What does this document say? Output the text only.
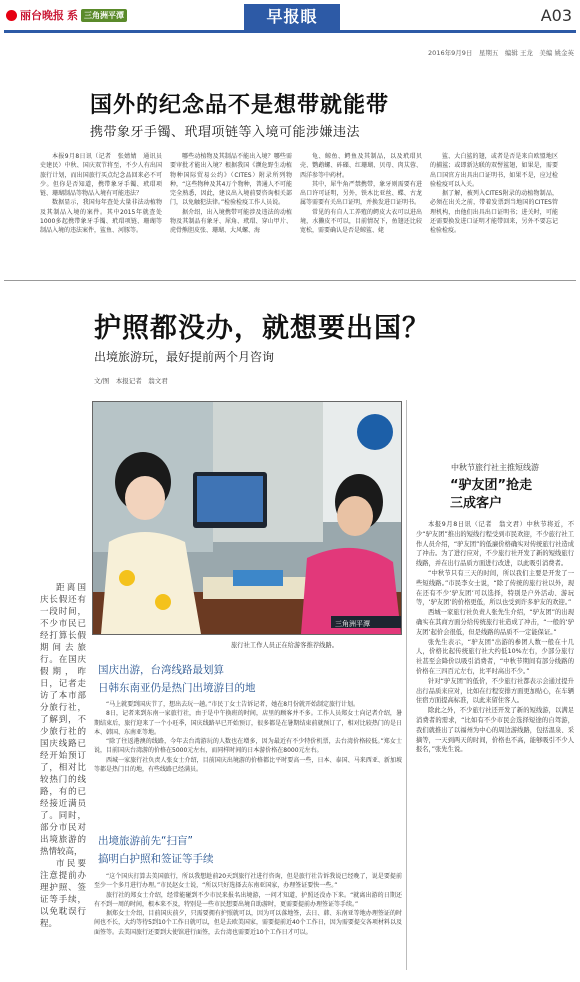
丽台晚报 系 三角洲平潭	早报眼	A03
2016年9月9日　星期五　编辑 王龙　美编 姚金英
国外的纪念品不是想带就能带
携带象牙手镯、玳瑁项链等入境可能涉嫌违法

本报9月8日讯（记者　张婧婧　通讯员　史建民）中秋、国庆双节将至，不少人有出国旅行计划，而出国旅行买点纪念品回来必不可少。但你是否知道，携带象牙手镯、玳瑁项链、珊瑚制品等物品入境有可能违法？

数据显示，我国每年查处大量非法动植物及其制品入境的案件。其中2015年就查处1000多起携带象牙手镯、玳瑁项链、珊瑚等制品入境的违法案件，鲨鱼、河豚等。

哪些动植物及其制品不能出入境？哪些需要审批才能出入境？根据我国《濒危野生动植物种国际贸易公约》（CITES）附录所列物种，“这些物种及其4万个物种，普通人不可能完全熟悉，因此，建议出入境前要咨询相关部门，以免触犯法律。”检验检疫工作人员说。

据介绍，出入境携带可能涉及违法的动植物及其制品有象牙、犀角、玳瑁、穿山甲片、虎骨熊胆皮张、珊瑚、大风螺、海

龟、鲸鱼、鳄鱼及其制品，以及玳瑁贝壳、鹦鹉螺、砗磲、红珊瑚、贝母、肉苁蓉、西洋参等中药材。

其中，犀牛角严禁携带，象牙则需要有进出口许可证明，另外，铁木比亚丝、蝶、古龙属等需要有关出口证明，并换发进口证明书。

常见的有自人工养殖的鳄皮大衣可以进出境，水獭皮不可以，目前情况下，鱼翅还比较宽松，需要确认是否是鲸鲨、姥

鲨、大白鲨的翅，或者是否是来自欧盟地区的捕鲨；或即新达联的双髻鲨翅，如果是，需要出口国官方出具出口证明书，如果不是，应过检验检疫可以入关。

据了解，被列入CITES附录的动植物制品，必须在出关之前，带着发票到当地国的CITES管理机构，由他们出具出口证明书；进关时，可能还需要换发进口证明才能带回来，另外不要忘记检验检疫。

护照都没办，就想要出国？
出境旅游玩，最好提前两个月咨询
文/图　本报记者　翁文君
三角洲平潭
旅行社工作人员正在给游客推荐线路。

距离国庆长假还有一段时间，不少市民已经打算长假期间去旅行。在国庆假期，昨日，记者走访了本市部分旅行社，了解到，不少旅行社的国庆线路已经开始预订了，相对比较热门的线路，有的已经接近满员了。同时，部分市民对出境旅游的热情较高，

市民要注意提前办理护照、签证等手续，以免耽误行程。

国庆出游，台湾线路最划算
日韩东南亚仍是热门出境游目的地

“马上就要到国庆节了，想出去玩一趟。”市民丁女士告诉记者，她在8月份就开始制定旅行计划。

8日，记者来到东南一家旅行社，由于是中午换班的时间，店里的顾客并不多。工作人员郑女士向记者介绍，暑期结束后，旅行迎来了一个小旺季，国庆线路早已开始预订，很多都是在暑期结束前就预订了，相对比较热门的是日本、韩国、东南亚等地。

“除了往返港澳的线路，今年去台湾游玩的人数也在增多，因为最近有不少特价机票，去台湾价格较低。”郑女士说，目前国庆台湾游的价格在5000元左右，而同样时间的日本游价格在8000元左右。

西城一家旅行社负责人张女士介绍，目前国庆出境游的价格都比平时要高一些，日本、泰国、马来西亚、新加坡等都是热门目的地，有些线路已经满员。

出境旅游前先“扫盲”
搞明白护照和签证等手续

“这个国庆打算去美国旅行，所以我想趁前20天到旅行社进行咨询，但是旅行社告诉我说已经晚了，说是要提前至少一个多月进行办理。”市民赵女士说，“所以只好选择去东南亚国家，办理签证要快一些。”

旅行社的郑女士介绍，经常能碰到不少市民来报名出境游，一问才知道，护照还没办下来。“就离出游的日期还有不到一周的时间，根本来不及，特别是一些市民想要出境自助游时，更需要提前办理签证等手续。”

据郑女士介绍，目前国庆前夕，只需要拥有护照就可以，因为可以落地签，去日、韩、东南亚等地办理签证的时间也不长，大约等待5到10个工作日就可以，但是去欧美国家，需要提前近40个工作日，因为需要提交各项材料以及面签等。去美国旅行还要到大使馆进行面签，去台湾也需要近10个工作日才可以。

中秋节旅行社主推短线游
“驴友团”抢走
三成客户

本报9月8日讯（记者　翁文君）中秋节将近，不少“驴友团”推出的短线行程受到市民欢迎，不少旅行社工作人员介绍，“驴友团”的低廉价格确实对传统旅行社造成了冲击。为了进行应对，不少旅行社开发了新的短线旅行线路，并在出行品质方面进行改进，以此吸引消费者。

“中秋节只有三天的时间，所以我们主要是开发了一些短线路。”市民李女士说，“除了传统的旅行社以外，现在还有不少‘驴友团’可以选择，特别是户外活动、游玩等，‘驴友团’的价格更低，所以也受到许多驴友的欢迎。”

西城一家旅行社负责人张先生介绍，“驴友团”的出现确实在其商方面分给传统旅行社造成了冲击，“一般的‘驴友团’起价会很低，但是线路的品质不一定能保证。”

张先生表示，“驴友团”出游的参团人数一般在十几人，价格比起传统旅行社大约低10%左右，少部分旅行社甚至会降价以吸引消费者，“中秋节期间有部分线路的价格在三四百元左右，比平时高出不少。”

针对“驴友团”的低价，不少旅行社都表示会通过提升出行品质来应对，比如在行程安排方面更加贴心，在车辆住宿方面提高标准，以此来留住客人。

除此之外，不少旅行社还开发了新的短线游，以满足消费者的需求，“比如有不少市民会选择短途的自驾游，我们就推出了以福州为中心的周边游线路，包括温泉、采摘等，一天到两天的时间，价格也不高，能够吸引不少人报名，”张先生说。
